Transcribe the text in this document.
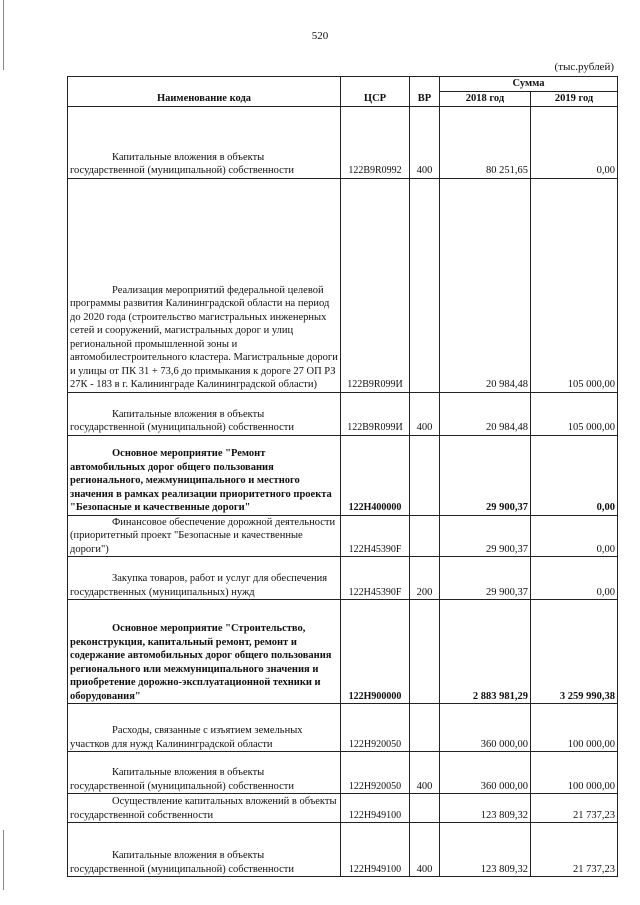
520
(тыс.рублей)
Наименование кода	ЦСР	ВР	Сумма	
			2018 год	2019 год

Капитальные вложения в объекты государственной (муниципальной) собственности	122В9R0992	400	80 251,65	0,00

Реализация мероприятий федеральной целевой программы развития Калининградской области на период до 2020 года (строительство магистральных инженерных сетей и сооружений, магистральных дорог и улиц региональной промышленной зоны и автомобилестроительного кластера. Магистральные дороги и улицы от ПК 31 + 73,6 до примыкания к дороге 27 ОП РЗ 27К - 183 в г. Калининграде Калининградской области)	122В9R099И		20 984,48	105 000,00

Капитальные вложения в объекты государственной (муниципальной) собственности	122В9R099И	400	20 984,48	105 000,00

Основное мероприятие "Ремонт автомобильных дорог общего пользования регионального, межмуниципального и местного значения в рамках реализации приоритетного проекта "Безопасные и качественные дороги"	122Н400000		29 900,37	0,00

Финансовое обеспечение дорожной деятельности (приоритетный проект "Безопасные и качественные дороги")	122Н45390F		29 900,37	0,00

Закупка товаров, работ и услуг для обеспечения государственных (муниципальных) нужд	122Н45390F	200	29 900,37	0,00

Основное мероприятие "Строительство, реконструкция, капитальный ремонт, ремонт и содержание автомобильных дорог общего пользования регионального или межмуниципального значения и приобретение дорожно-эксплуатационной техники и оборудования"	122Н900000		2 883 981,29	3 259 990,38

Расходы, связанные с изъятием земельных участков для нужд Калининградской области	122Н920050		360 000,00	100 000,00

Капитальные вложения в объекты государственной (муниципальной) собственности	122Н920050	400	360 000,00	100 000,00

Осуществление капитальных вложений в объекты государственной собственности	122Н949100		123 809,32	21 737,23

Капитальные вложения в объекты государственной (муниципальной) собственности	122Н949100	400	123 809,32	21 737,23
